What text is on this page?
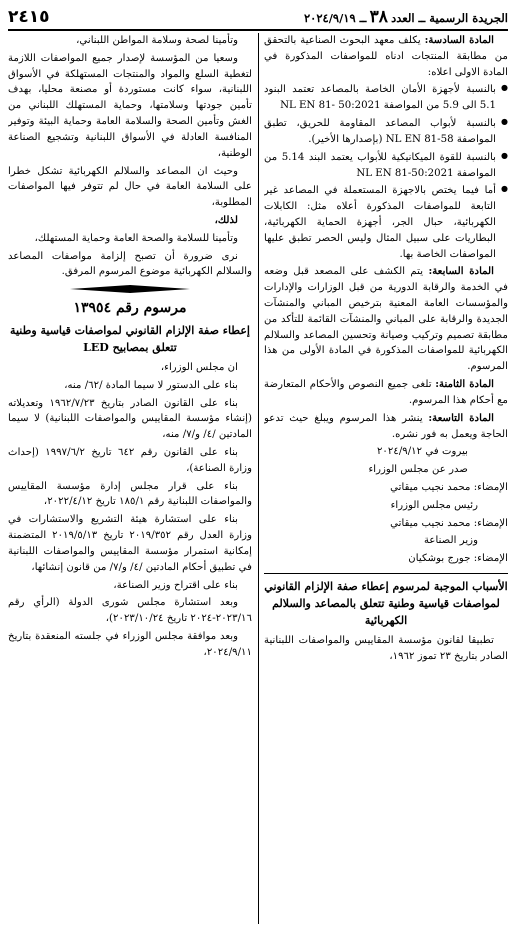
الجريدة الرسمية ــ العدد ٣٨ ــ ٢٠٢٤/٩/١٩
٢٤١٥

المادة السادسة: يكلف معهد البحوث الصناعية بالتحقق من مطابقة المنتجات ادناه للمواصفات المذكورة في المادة الاولى اعلاه:

● بالنسبة لأجهزة الأمان الخاصة بالمصاعد تعتمد البنود 5.1 الى 5.9 من المواصفة NL EN 81- 50:2021
● بالنسبة لأبواب المصاعد المقاومة للحريق، تطبق المواصفة NL EN 81-58 (بإصدارها الأخير).
● بالنسبة للقوة الميكانيكية للأبواب يعتمد البند 5.14 من المواصفة NL EN 81-50:2021
● أما فيما يختص بالاجهزة المستعملة في المصاعد غير التابعة للمواصفات المذكورة أعلاه مثل: الكابلات الكهربائية، حبال الجر، أجهزة الحماية الكهربائية، البطاريات على سبيل المثال وليس الحصر تطبق عليها المواصفات الخاصة بها.

المادة السابعة: يتم الكشف على المصعد قبل وضعه في الخدمة والرقابة الدورية من قبل الوزارات والإدارات والمؤسسات العامة المعنية بترخيص المباني والمنشآت الجديدة والرقابة على المباني والمنشآت القائمة للتأكد من مطابقة تصميم وتركيب وصيانة وتحسين المصاعد والسلالم الكهربائية للمواصفات المذكورة في المادة الأولى من هذا المرسوم.

المادة الثامنة: تلغى جميع النصوص والأحكام المتعارضة مع أحكام هذا المرسوم.

المادة التاسعة: ينشر هذا المرسوم ويبلغ حيث تدعو الحاجة ويعمل به فور نشره.

بيروت في ٢٠٢٤/٩/١٢

صدر عن مجلس الوزراء

الإمضاء: محمد نجيب ميقاتي

رئيس مجلس الوزراء

الإمضاء: محمد نجيب ميقاتي

وزير الصناعة

الإمضاء: جورج بوشكيان

الأسباب الموجبة لمرسوم إعطاء صفة الإلزام القانوني لمواصفات قياسية وطنية تتعلق بالمصاعد والسلالم الكهربائية

تطبيقا لقانون مؤسسة المقاييس والمواصفات اللبنانية الصادر بتاريخ ٢٣ تموز ١٩٦٢،

وتأمينا لصحة وسلامة المواطن اللبناني،

وسعيا من المؤسسة لإصدار جميع المواصفات اللازمة لتغطية السلع والمواد والمنتجات المستهلكة في الأسواق اللبنانية، سواء كانت مستوردة أو مصنعة محليا، بهدف تأمين جودتها وسلامتها، وحماية المستهلك اللبناني من الغش وتأمين الصحة والسلامة العامة وحماية البيئة وتوفير المنافسة العادلة في الأسواق اللبنانية وتشجيع الصناعة الوطنية،

وحيث ان المصاعد والسلالم الكهربائية تشكل خطرا على السلامة العامة في حال لم تتوفر فيها المواصفات المطلوبة،

لذلك،

وتأمينا للسلامة والصحة العامة وحماية المستهلك،

نرى ضرورة أن تصبح إلزامة مواصفات المصاعد والسلالم الكهربائية موضوع المرسوم المرفق.

مرسوم رقم ١٣٩٥٤

إعطاء صفة الإلزام القانوني لمواصفات قياسية وطنية تتعلق بمصابيح LED

ان مجلس الوزراء،

بناء على الدستور لا سيما المادة /٦٢/ منه،

بناء على القانون الصادر بتاريخ ١٩٦٢/٧/٢٣ وتعديلاته (إنشاء مؤسسة المقاييس والمواصفات اللبنانية) لا سيما المادتين /٤/ و/٧/ منه،

بناء على القانون رقم ٦٤٢ تاريخ ١٩٩٧/٦/٢ (إحداث وزارة الصناعة)،

بناء على قرار مجلس إدارة مؤسسة المقاييس والمواصفات اللبنانية رقم ١٨٥/١ تاريخ ٢٠٢٢/٤/١٢،

بناء على استشارة هيئة التشريع والاستشارات في وزارة العدل رقم ٢٠١٩/٣٥٢ تاريخ ٢٠١٩/٥/١٣ المتضمنة إمكانية استمرار مؤسسة المقاييس والمواصفات اللبنانية في تطبيق أحكام المادتين /٤/ و/٧/ من قانون إنشائها،

بناء على اقتراح وزير الصناعة،

وبعد استشارة مجلس شورى الدولة (الرأي رقم ٢٠٢٣/١٦-٢٠٢٤ تاريخ ٢٠٢٣/١٠/٢٤)،

وبعد موافقة مجلس الوزراء في جلسته المنعقدة بتاريخ ٢٠٢٤/٩/١١،
